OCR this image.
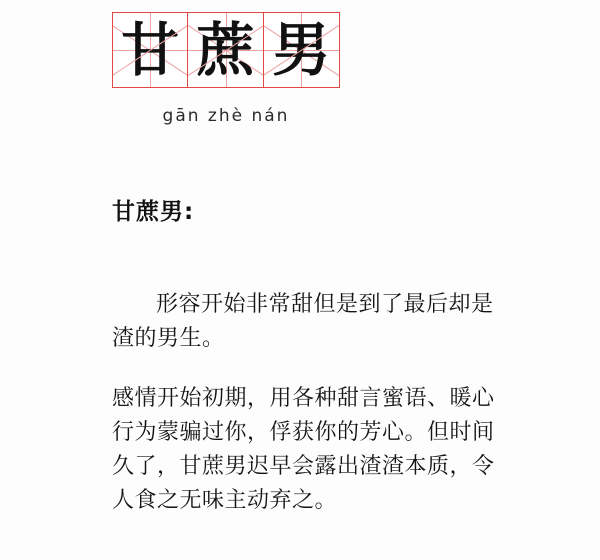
甘 蔗 男
gān zhè nán
甘蔗男:
形容开始非常甜但是到了最后却是渣的男生。
感情开始初期，用各种甜言蜜语、暖心行为蒙骗过你，俘获你的芳心。但时间久了，甘蔗男迟早会露出渣渣本质，令人食之无味主动弃之。
